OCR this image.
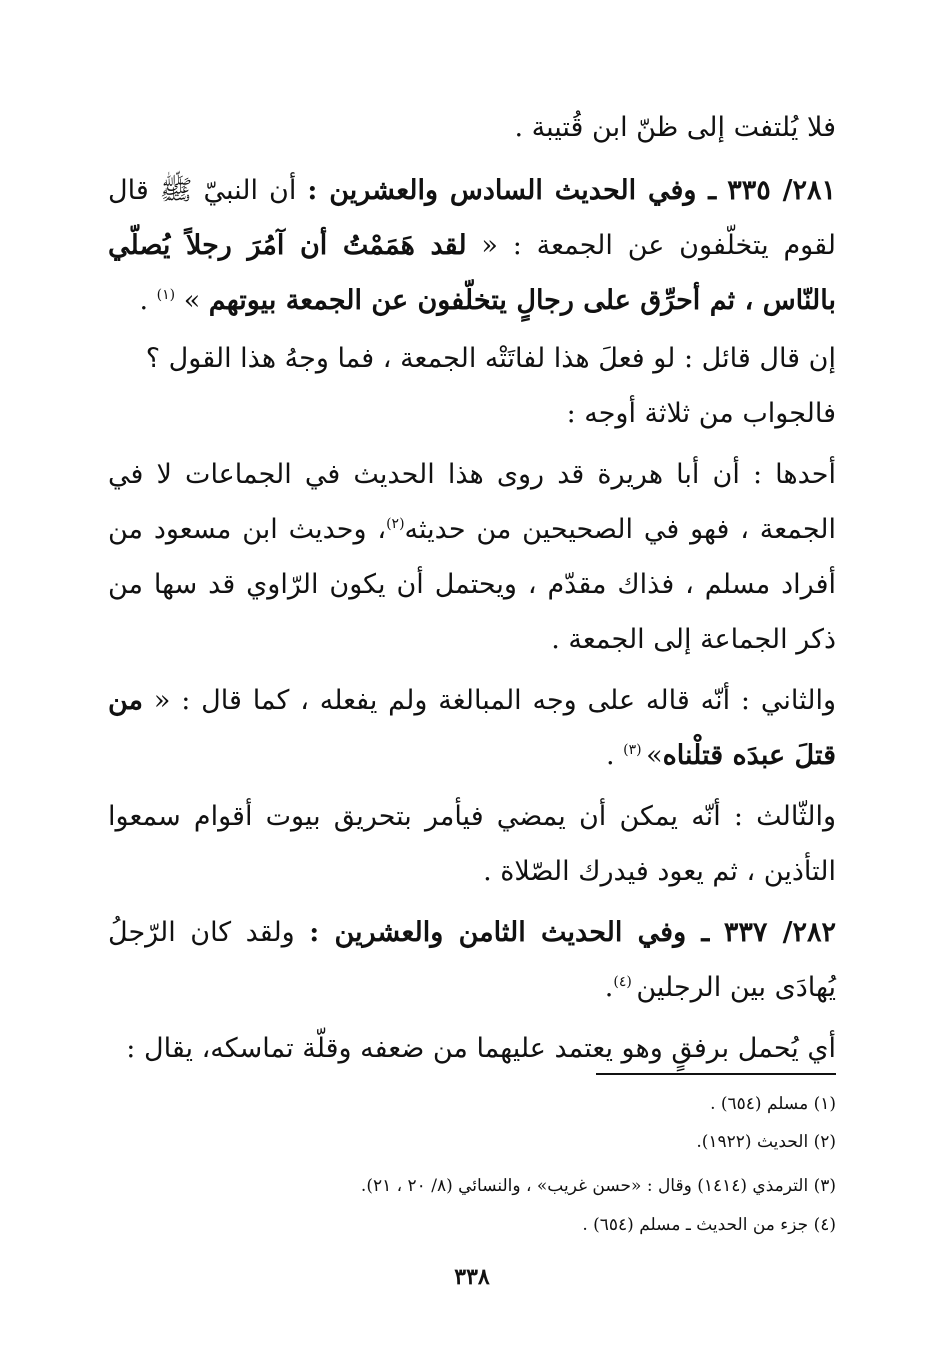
فلا يُلتفت إلى ظنّ ابن قُتيبة .

٢٨١/ ٣٣٥ ـ وفي الحديث السادس والعشرين : أن النبيّ ﷺ قال لقوم يتخلّفون عن الجمعة : « لقد هَمَمْتُ أن آمُرَ رجلاً يُصلّي بالنّاس ، ثم أحرِّق على رجالٍ يتخلّفون عن الجمعة بيوتهم » $^{(١)}$ .

إن قال قائل : لو فعلَ هذا لفاتَتْه الجمعة ، فما وجهُ هذا القول ؟

فالجواب من ثلاثة أوجه :

أحدها : أن أبا هريرة قد روى هذا الحديث في الجماعات لا في الجمعة ، فهو في الصحيحين من حديثه$^{(٢)}$، وحديث ابن مسعود من أفراد مسلم ، فذاك مقدّم ، ويحتمل أن يكون الرّاوي قد سها من ذكر الجماعة إلى الجمعة .

والثاني : أنّه قاله على وجه المبالغة ولم يفعله ، كما قال : « من قتلَ عبدَه قتلْناه» $^{(٣)}$ .

والثّالث : أنّه يمكن أن يمضي فيأمر بتحريق بيوت أقوام سمعوا التأذين ، ثم يعود فيدرك الصّلاة .

٢٨٢/ ٣٣٧ ـ وفي الحديث الثامن والعشرين : ولقد كان الرّجلُ يُهادَى بين الرجلين $^{(٤)}$.

أي يُحمل برفقٍ وهو يعتمد عليهما من ضعفه وقلّة تماسكه، يقال :

(١) مسلم (٦٥٤) .
(٢) الحديث (١٩٢٢).
(٣) الترمذي (١٤١٤) وقال : «حسن غريب» ، والنسائي (٨/ ٢٠ ، ٢١).
(٤) جزء من الحديث ـ مسلم (٦٥٤) .
٣٣٨
